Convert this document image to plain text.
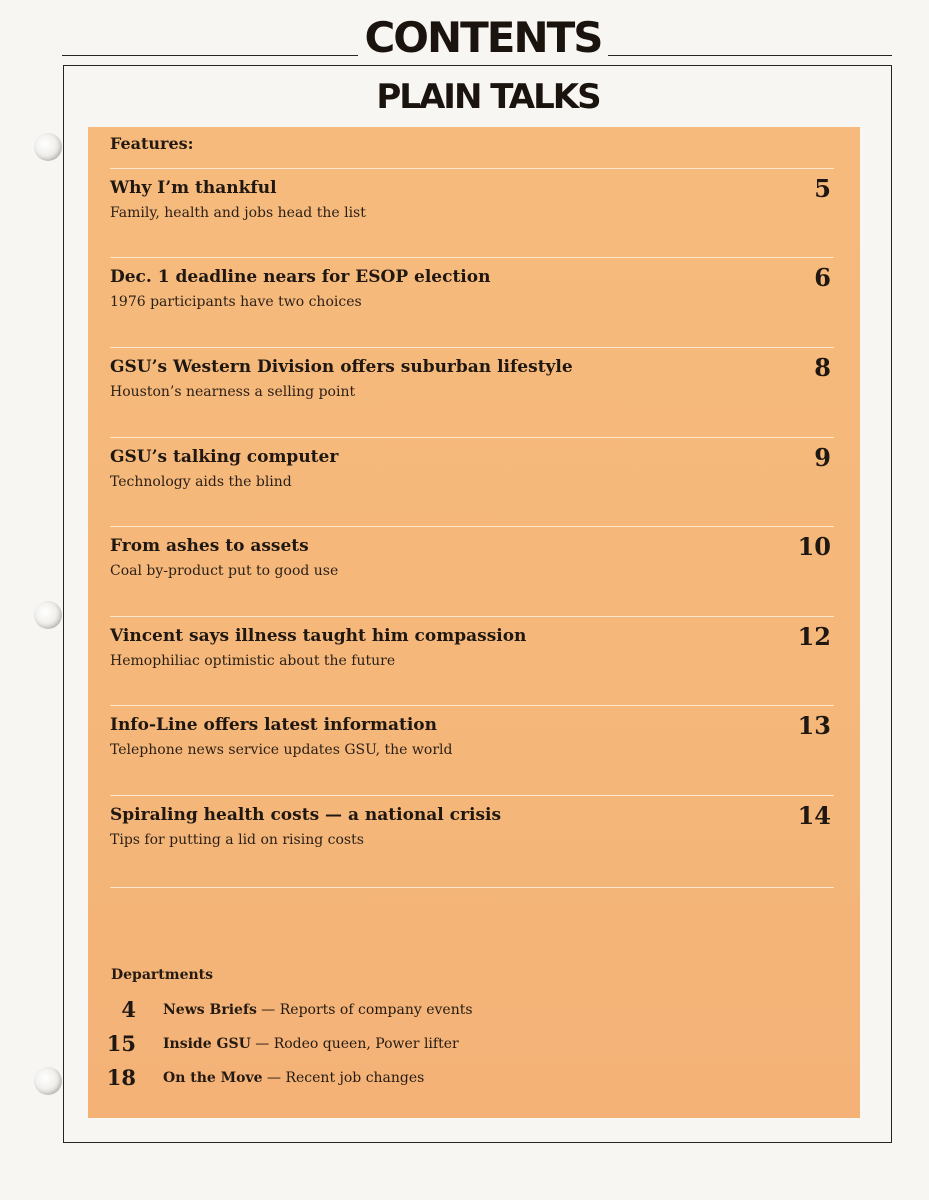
CONTENTS
PLAIN TALKS
Features:
Why I’m thankful
Family, health and jobs head the list
5
Dec. 1 deadline nears for ESOP election
1976 participants have two choices
6
GSU’s Western Division offers suburban lifestyle
Houston’s nearness a selling point
8
GSU’s talking computer
Technology aids the blind
9
From ashes to assets
Coal by-product put to good use
10
Vincent says illness taught him compassion
Hemophiliac optimistic about the future
12
Info-Line offers latest information
Telephone news service updates GSU, the world
13
Spiraling health costs — a national crisis
Tips for putting a lid on rising costs
14
Departments
4 News Briefs — Reports of company events
15 Inside GSU — Rodeo queen, Power lifter
18 On the Move — Recent job changes
